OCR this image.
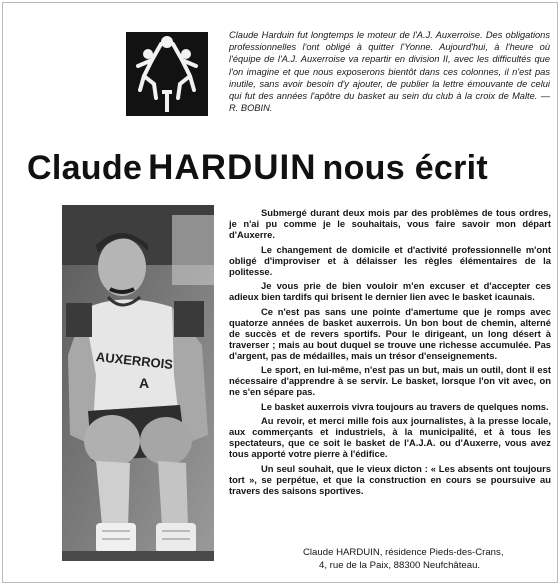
Claude Harduin fut longtemps le moteur de l'A.J. Auxerroise. Des obligations professionnelles l'ont obligé à quitter l'Yonne. Aujourd'hui, à l'heure où l'équipe de l'A.J. Auxerroise va repartir en division II, avec les difficultés que l'on imagine et que nous exposerons bientôt dans ces colonnes, il n'est pas inutile, sans avoir besoin d'y ajouter, de publier la lettre émouvante de celui qui fut des années l'apôtre du basket au sein du club à la croix de Malte. — R. BOBIN.
Claude HARDUIN nous écrit
AUXERROIS
A

Submergé durant deux mois par des problèmes de tous ordres, je n'ai pu comme je le souhaitais, vous faire savoir mon départ d'Auxerre.

Le changement de domicile et d'activité professionnelle m'ont obligé d'improviser et à délaisser les règles élémentaires de la politesse.

Je vous prie de bien vouloir m'en excuser et d'accepter ces adieux bien tardifs qui brisent le dernier lien avec le basket icaunais.

Ce n'est pas sans une pointe d'amertume que je romps avec quatorze années de basket auxerrois. Un bon bout de chemin, alterné de succès et de revers sportifs. Pour le dirigeant, un long désert à traverser ; mais au bout duquel se trouve une richesse accumulée. Pas d'argent, pas de médailles, mais un trésor d'enseignements.

Le sport, en lui-même, n'est pas un but, mais un outil, dont il est nécessaire d'apprendre à se servir. Le basket, lorsque l'on vit avec, on ne s'en sépare pas.

Le basket auxerrois vivra toujours au travers de quelques noms.

Au revoir, et merci mille fois aux journalistes, à la presse locale, aux commerçants et industriels, à la municipalité, et à tous les spectateurs, que ce soit le basket de l'A.J.A. ou d'Auxerre, vous avez tous apporté votre pierre à l'édifice.

Un seul souhait, que le vieux dicton : « Les absents ont toujours tort », se perpétue, et que la construction en cours se poursuive au travers des saisons sportives.

Claude HARDUIN, résidence Pieds-des-Crans,
4, rue de la Paix, 88300 Neufchâteau.
